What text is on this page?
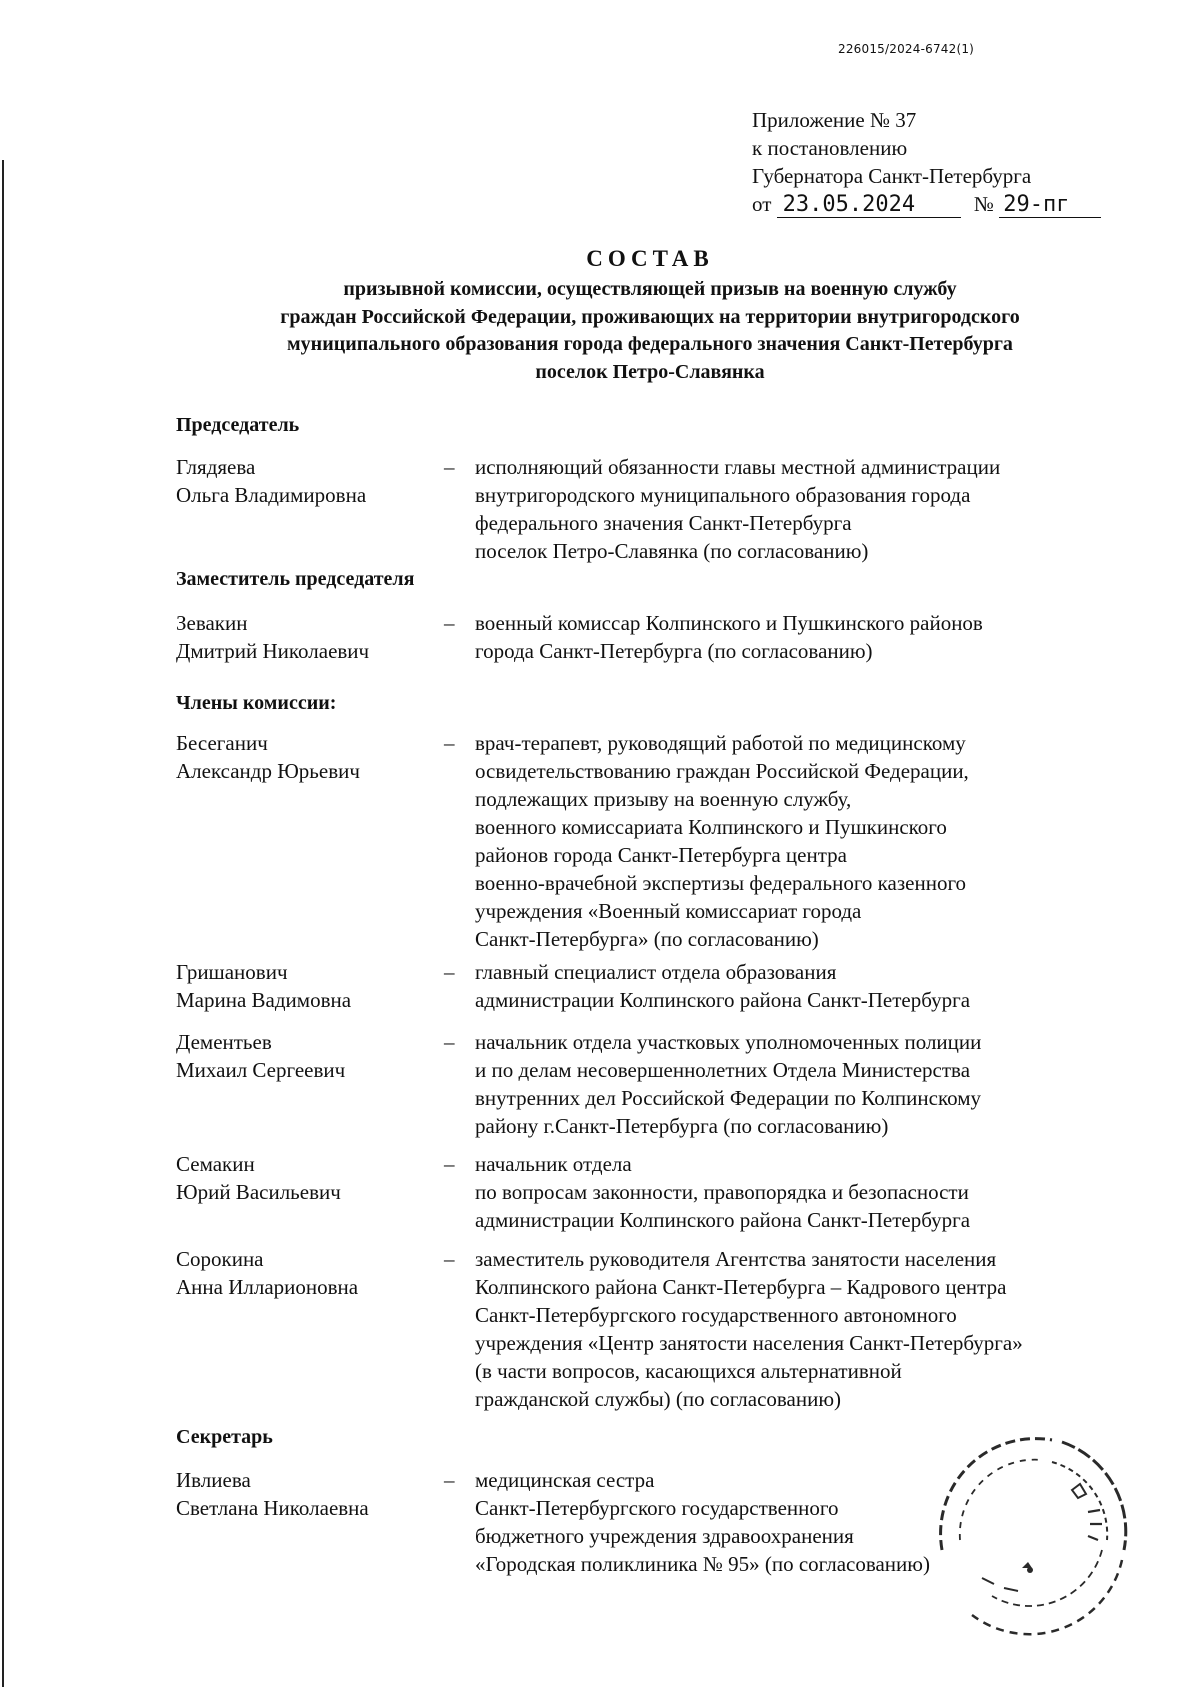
226015/2024-6742(1)
Приложение № 37
к постановлению
Губернатора Санкт-Петербурга
от 23.05.2024	№ 29-пг
СОСТАВ
призывной комиссии, осуществляющей призыв на военную службу
граждан Российской Федерации, проживающих на территории внутригородского
муниципального образования города федерального значения Санкт-Петербурга
поселок Петро-Славянка
Председатель
Глядяева
Ольга Владимировна
– исполняющий обязанности главы местной администрации
внутригородского муниципального образования города
федерального значения Санкт-Петербурга
поселок Петро-Славянка (по согласованию)
Заместитель председателя
Зевакин
Дмитрий Николаевич
– военный комиссар Колпинского и Пушкинского районов
города Санкт-Петербурга (по согласованию)
Члены комиссии:
Бесеганич
Александр Юрьевич
– врач-терапевт, руководящий работой по медицинскому
освидетельствованию граждан Российской Федерации,
подлежащих призыву на военную службу,
военного комиссариата Колпинского и Пушкинского
районов города Санкт-Петербурга центра
военно-врачебной экспертизы федерального казенного
учреждения «Военный комиссариат города
Санкт-Петербурга» (по согласованию)
Гришанович
Марина Вадимовна
– главный специалист отдела образования
администрации Колпинского района Санкт-Петербурга
Дементьев
Михаил Сергеевич
– начальник отдела участковых уполномоченных полиции
и по делам несовершеннолетних Отдела Министерства
внутренних дел Российской Федерации по Колпинскому
району г.Санкт-Петербурга (по согласованию)
Семакин
Юрий Васильевич
– начальник отдела
по вопросам законности, правопорядка и безопасности
администрации Колпинского района Санкт-Петербурга
Сорокина
Анна Илларионовна
– заместитель руководителя Агентства занятости населения
Колпинского района Санкт-Петербурга – Кадрового центра
Санкт-Петербургского государственного автономного
учреждения «Центр занятости населения Санкт-Петербурга»
(в части вопросов, касающихся альтернативной
гражданской службы) (по согласованию)
Секретарь
Ивлиева
Светлана Николаевна
– медицинская сестра
Санкт-Петербургского государственного
бюджетного учреждения здравоохранения
«Городская поликлиника № 95» (по согласованию)
